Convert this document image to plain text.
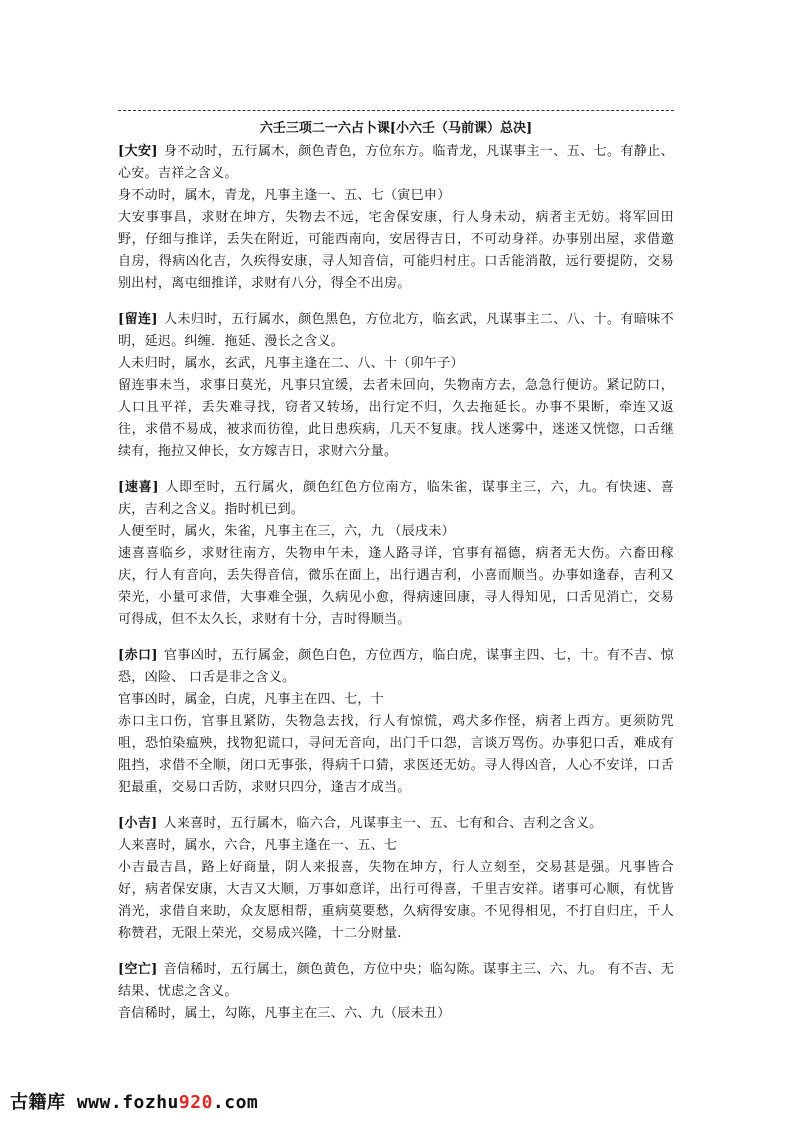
六壬三项二一六占卜课[小六壬（马前课）总决]

[大安] 身不动时，五行属木，颜色青色，方位东方。临青龙，凡谋事主一、五、七。有静止、心安。吉祥之含义。

身不动时，属木，青龙，凡事主逢一、五、七（寅巳申）

大安事事昌，求财在坤方，失物去不远，宅舍保安康，行人身未动，病者主无妨。将军回田野，仔细与推详，丢失在附近，可能西南向，安居得吉日，不可动身祥。办事别出屋，求借邀自房，得病凶化吉，久疾得安康，寻人知音信，可能归村庄。口舌能消散，远行要提防，交易别出村，离屯细推详，求财有八分，得全不出房。

[留连] 人未归时，五行属水，颜色黑色，方位北方，临玄武，凡谋事主二、八、十。有暗味不明，延迟。纠缠．拖延、漫长之含义。

人未归时，属水，玄武，凡事主逢在二、八、十（卯午子）

留连事未当，求事日莫光，凡事只宜缓，去者未回向，失物南方去，急急行便访。紧记防口，人口且平祥，丢失难寻找，窃者又转场，出行定不归，久去拖延长。办事不果断，牵连又返往，求借不易成，被求而彷徨，此日患疾病，几天不复康。找人迷雾中，迷迷又恍惚，口舌继续有，拖拉又伸长，女方嫁吉日，求财六分量。

[速喜] 人即至时，五行属火，颜色红色方位南方，临朱雀，谋事主三，六，九。有快速、喜庆，吉利之含义。指时机已到。

人便至时，属火，朱雀，凡事主在三，六，九 （辰戌未）

速喜喜临乡，求财往南方，失物申午未，逢人路寻详，官事有福德，病者无大伤。六畜田稼庆，行人有音向，丢失得音信，微乐在面上，出行遇吉利，小喜而顺当。办事如逢春，吉利又荣光，小量可求借，大事难全强，久病见小愈，得病速回康，寻人得知见，口舌见消亡，交易可得成，但不太久长，求财有十分，吉时得顺当。

[赤口] 官事凶时，五行属金，颜色白色，方位西方，临白虎，谋事主四、七，十。有不吉、惊恐，凶险、 口舌是非之含义。

官事凶时，属金，白虎，凡事主在四、七，十

赤口主口伤，官事且紧防，失物急去找，行人有惊慌，鸡犬多作怪，病者上西方。更须防咒咀，恐怕染瘟殃，找物犯谎口，寻问无音向，出门千口怨，言谈万骂伤。办事犯口舌，难成有阻挡，求借不全顺，闭口无事张，得病千口猜，求医还无妨。寻人得凶音，人心不安详，口舌犯最重，交易口舌防，求财只四分，逢吉才成当。

[小吉] 人来喜时，五行属木，临六合，凡谋事主一、五、七有和合、吉利之含义。

人来喜时，属水，六合，凡事主逢在一、五、七

小吉最吉昌，路上好商量，阴人来报喜，失物在坤方，行人立刻至，交易甚是强。凡事皆合好，病者保安康，大吉又大顺，万事如意详，出行可得喜，千里吉安祥。诸事可心顺，有忧皆消光，求借自来助，众友愿相帮，重病莫要愁，久病得安康。不见得相见，不打自归庄，千人称赞君，无限上荣光，交易成兴隆，十二分财量.

[空亡] 音信稀时，五行属土，颜色黄色，方位中央；临勾陈。谋事主三、六、九。 有不吉、无结果、忧虑之含义。

音信稀时，属土，勾陈，凡事主在三、六、九（辰未丑）

古籍库 www.fozhu920.com
